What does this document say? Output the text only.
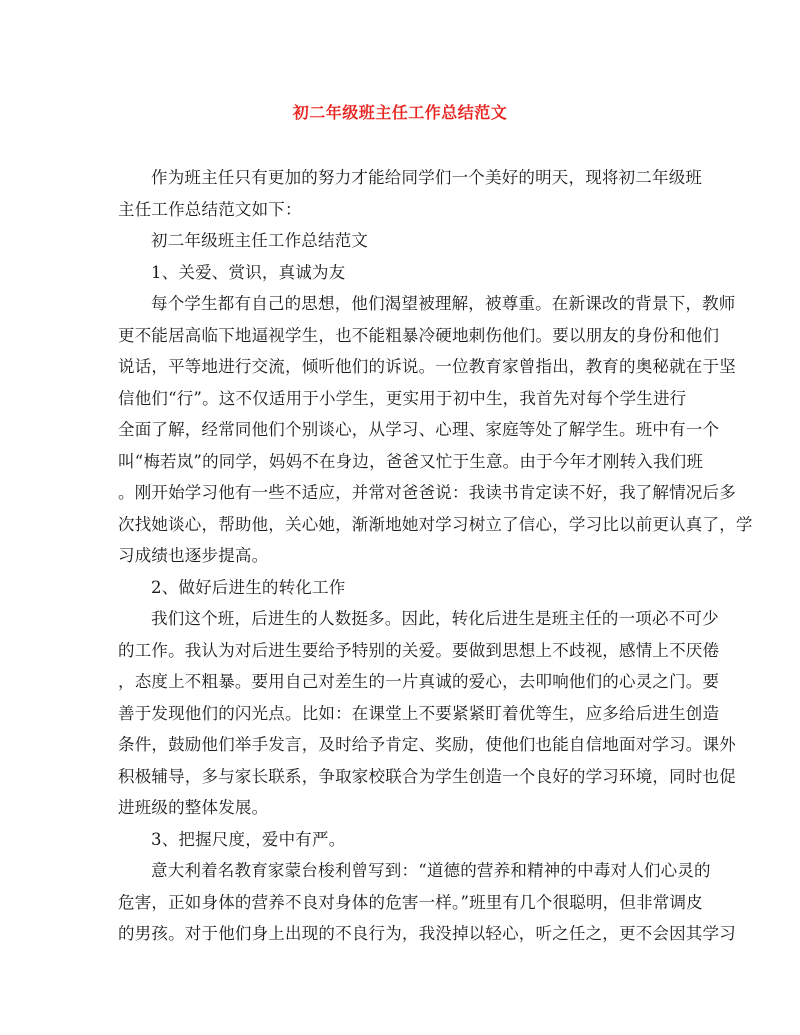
初二年级班主任工作总结范文
作为班主任只有更加的努力才能给同学们一个美好的明天，现将初二年级班
主任工作总结范文如下：
初二年级班主任工作总结范文
1、关爱、赏识，真诚为友
每个学生都有自己的思想，他们渴望被理解，被尊重。在新课改的背景下，教师
更不能居高临下地逼视学生，也不能粗暴冷硬地刺伤他们。要以朋友的身份和他们
说话，平等地进行交流，倾听他们的诉说。一位教育家曾指出，教育的奥秘就在于坚
信他们“行”。这不仅适用于小学生，更实用于初中生，我首先对每个学生进行
全面了解，经常同他们个别谈心，从学习、心理、家庭等处了解学生。班中有一个
叫“梅若岚”的同学，妈妈不在身边，爸爸又忙于生意。由于今年才刚转入我们班
。刚开始学习他有一些不适应，并常对爸爸说：我读书肯定读不好，我了解情况后多
次找她谈心，帮助他，关心她，渐渐地她对学习树立了信心，学习比以前更认真了，学
习成绩也逐步提高。
2、做好后进生的转化工作
我们这个班，后进生的人数挺多。因此，转化后进生是班主任的一项必不可少
的工作。我认为对后进生要给予特别的关爱。要做到思想上不歧视，感情上不厌倦
，态度上不粗暴。要用自己对差生的一片真诚的爱心，去叩响他们的心灵之门。要
善于发现他们的闪光点。比如：在课堂上不要紧紧盯着优等生，应多给后进生创造
条件，鼓励他们举手发言，及时给予肯定、奖励，使他们也能自信地面对学习。课外
积极辅导，多与家长联系，争取家校联合为学生创造一个良好的学习环境，同时也促
进班级的整体发展。
3、把握尺度，爱中有严。
意大利着名教育家蒙台梭利曾写到：“道德的营养和精神的中毒对人们心灵的
危害，正如身体的营养不良对身体的危害一样。”班里有几个很聪明，但非常调皮
的男孩。对于他们身上出现的不良行为，我没掉以轻心，听之任之，更不会因其学习
